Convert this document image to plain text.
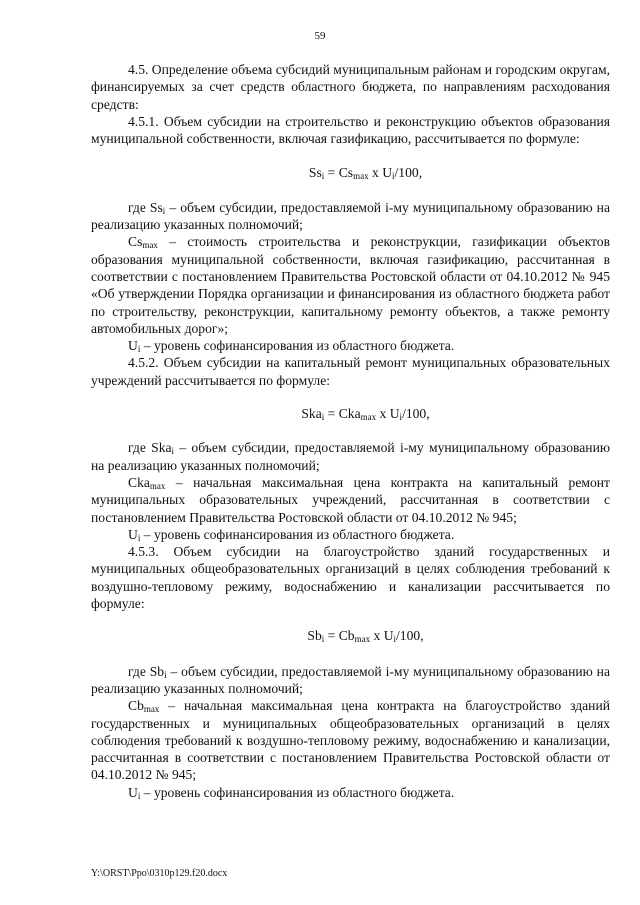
59

4.5. Определение объема субсидий муниципальным районам и городским округам, финансируемых за счет средств областного бюджета, по направлениям расходования средств:

4.5.1. Объем субсидии на строительство и реконструкцию объектов образования муниципальной собственности, включая газификацию, рассчитывается по формуле:

$Ss_i = Cs_{max}$ х $U_i/100$,

где $Ss_i$ – объем субсидии, предоставляемой i-му муниципальному образованию на реализацию указанных полномочий;

$Cs_{max}$ – стоимость строительства и реконструкции, газификации объектов образования муниципальной собственности, включая газификацию, рассчитанная в соответствии с постановлением Правительства Ростовской области от 04.10.2012 № 945 «Об утверждении Порядка организации и финансирования из областного бюджета работ по строительству, реконструкции, капитальному ремонту объектов, а также ремонту автомобильных дорог»;

$U_i$ – уровень софинансирования из областного бюджета.

4.5.2. Объем субсидии на капитальный ремонт муниципальных образовательных учреждений рассчитывается по формуле:

Ska$_i$ = Cka$_{max}$ х $U_i/100$,

где Ska$_i$ – объем субсидии, предоставляемой i-му муниципальному образованию на реализацию указанных полномочий;

Cka$_{max}$ – начальная максимальная цена контракта на капитальный ремонт муниципальных образовательных учреждений, рассчитанная в соответствии с постановлением Правительства Ростовской области от 04.10.2012 № 945;

$U_i$ – уровень софинансирования из областного бюджета.

4.5.3. Объем субсидии на благоустройство зданий государственных и муниципальных общеобразовательных организаций в целях соблюдения требований к воздушно-тепловому режиму, водоснабжению и канализации рассчитывается по формуле:

$Sb_i = Cb_{max}$ х $U_i/100$,

где $Sb_i$ – объем субсидии, предоставляемой i-му муниципальному образованию на реализацию указанных полномочий;

$Cb_{max}$ – начальная максимальная цена контракта на благоустройство зданий государственных и муниципальных общеобразовательных организаций в целях соблюдения требований к воздушно-тепловому режиму, водоснабжению и канализации, рассчитанная в соответствии с постановлением Правительства Ростовской области от 04.10.2012 № 945;

$U_i$ – уровень софинансирования из областного бюджета.

Y:\ORST\Ppo\0310p129.f20.docx
